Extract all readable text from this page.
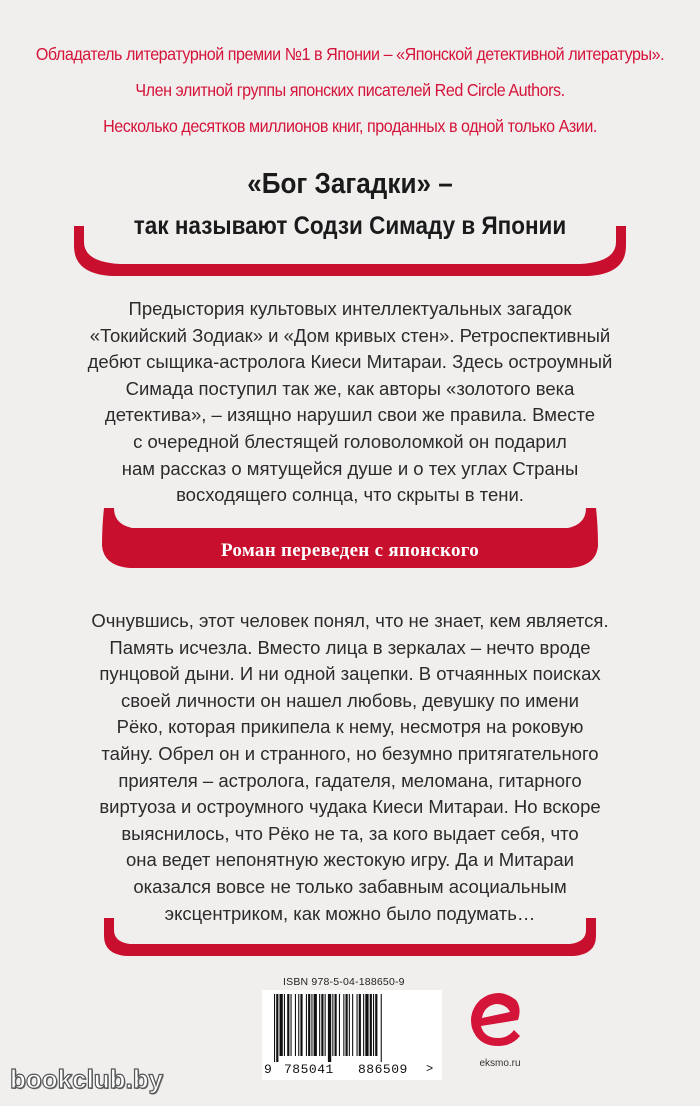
Обладатель литературной премии №1 в Японии – «Японской детективной литературы».
Член элитной группы японских писателей Red Circle Authors.
Несколько десятков миллионов книг, проданных в одной только Азии.
«Бог Загадки» –
так называют Содзи Симаду в Японии
Предыстория культовых интеллектуальных загадок
«Токийский Зодиак» и «Дом кривых стен». Ретроспективный
дебют сыщика-астролога Киеси Митараи. Здесь остроумный
Симада поступил так же, как авторы «золотого века
детектива», – изящно нарушил свои же правила. Вместе
с очередной блестящей головоломкой он подарил
нам рассказ о мятущейся душе и о тех углах Страны
восходящего солнца, что скрыты в тени.
Роман переведен с японского
Очнувшись, этот человек понял, что не знает, кем является.
Память исчезла. Вместо лица в зеркалах – нечто вроде
пунцовой дыни. И ни одной зацепки. В отчаянных поисках
своей личности он нашел любовь, девушку по имени
Рёко, которая прикипела к нему, несмотря на роковую
тайну. Обрел он и странного, но безумно притягательного
приятеля – астролога, гадателя, меломана, гитарного
виртуоза и остроумного чудака Киеси Митараи. Но вскоре
выяснилось, что Рёко не та, за кого выдает себя, что
она ведет непонятную жестокую игру. Да и Митараи
оказался вовсе не только забавным асоциальным
эксцентриком, как можно было подумать…
ISBN 978-5-04-188650-9
9 785041 886509 >	eksmo.ru
bookclub.by
